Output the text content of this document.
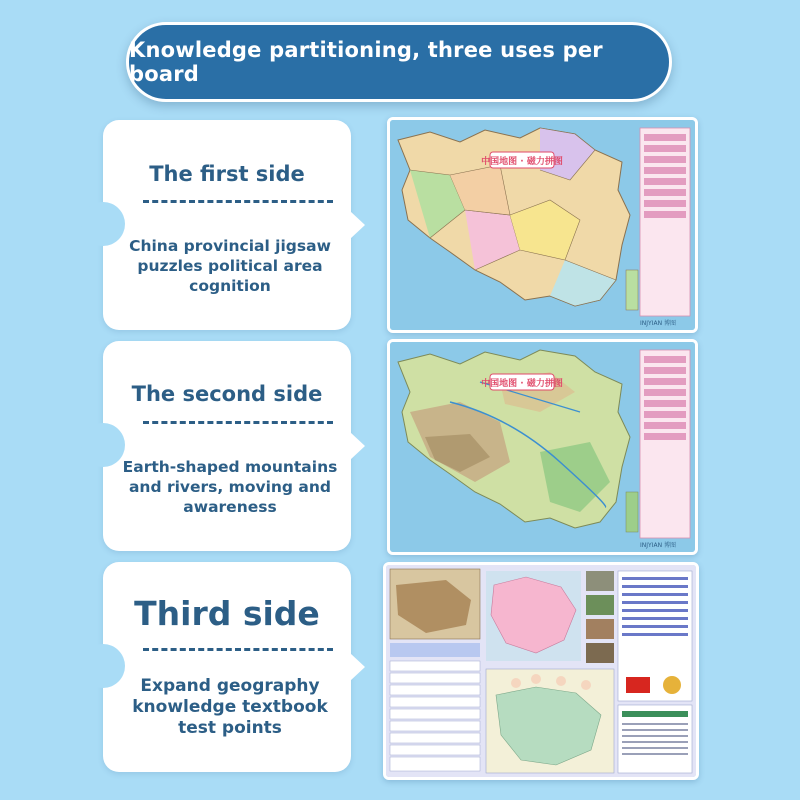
Knowledge partitioning, three uses per board
The first side
China provincial jigsaw puzzles political area cognition
The second side
Earth-shaped mountains and rivers, moving and awareness
Third side
Expand geography knowledge textbook test points
中国地图 · 磁力拼图
INJYIAN 博图
中国地图 · 磁力拼图
INJYIAN 博图
